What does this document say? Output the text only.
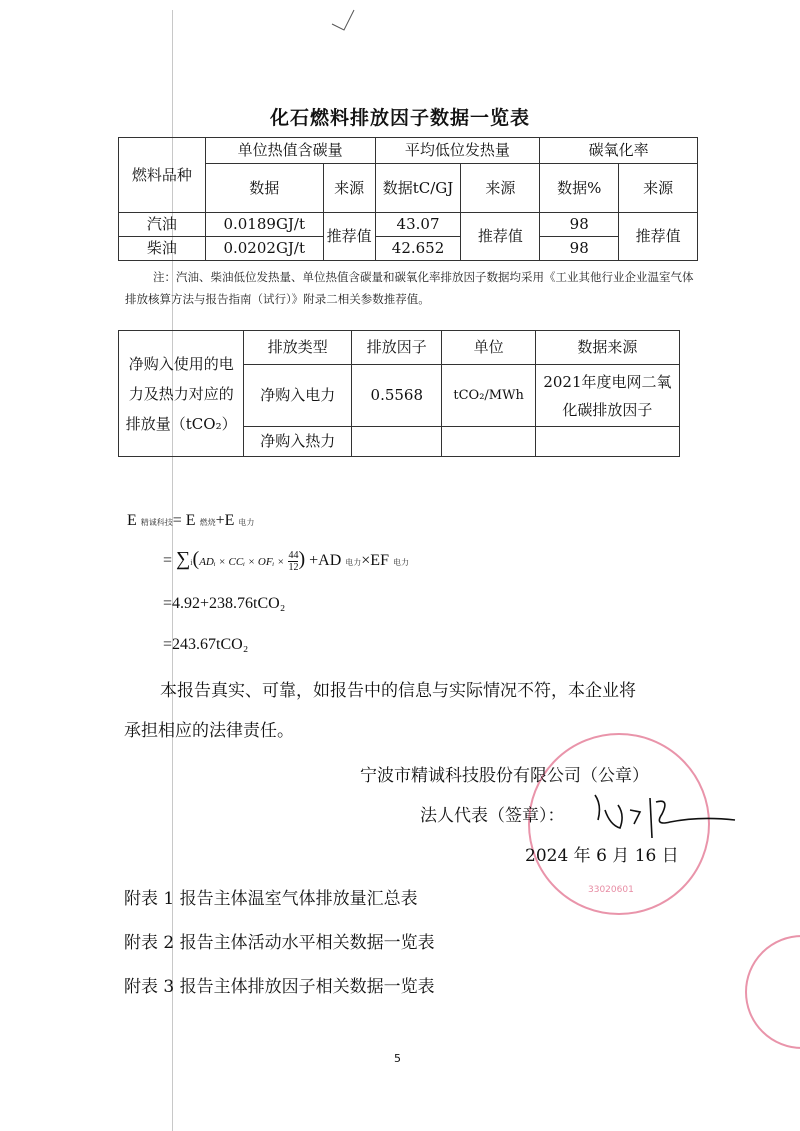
化石燃料排放因子数据一览表
燃料品种	单位热值含碳量		平均低位发热量		碳氧化率	
	数据	来源	数据tC/GJ	来源	数据%	来源
汽油	0.0189GJ/t	推荐值	43.07	推荐值	98	推荐值
柴油	0.0202GJ/t		42.652		98	
注：汽油、柴油低位发热量、单位热值含碳量和碳氧化率排放因子数据均采用《工业其他行业企业温室气体排放核算方法与报告指南（试行）》附录二相关参数推荐值。
净购入使用的电力及热力对应的排放量（tCO₂）	排放类型	排放因子	单位	数据来源
	净购入电力	0.5568	tCO₂/MWh	2021年度电网二氧化碳排放因子
	净购入热力			
E 精诚科技= E 燃烧+E 电力
= ∑i(ADᵢ × CCᵢ × OFᵢ × $\frac{44}{12}$ ) +AD 电力×EF 电力
=4.92+238.76tCO₂
=243.67tCO₂
本报告真实、可靠，如报告中的信息与实际情况不符，本企业将
承担相应的法律责任。
33020601
宁波市精诚科技股份有限公司（公章）
法人代表（签章）：
2024 年 6 月 16 日
附表 1 报告主体温室气体排放量汇总表
附表 2 报告主体活动水平相关数据一览表
附表 3 报告主体排放因子相关数据一览表
5
